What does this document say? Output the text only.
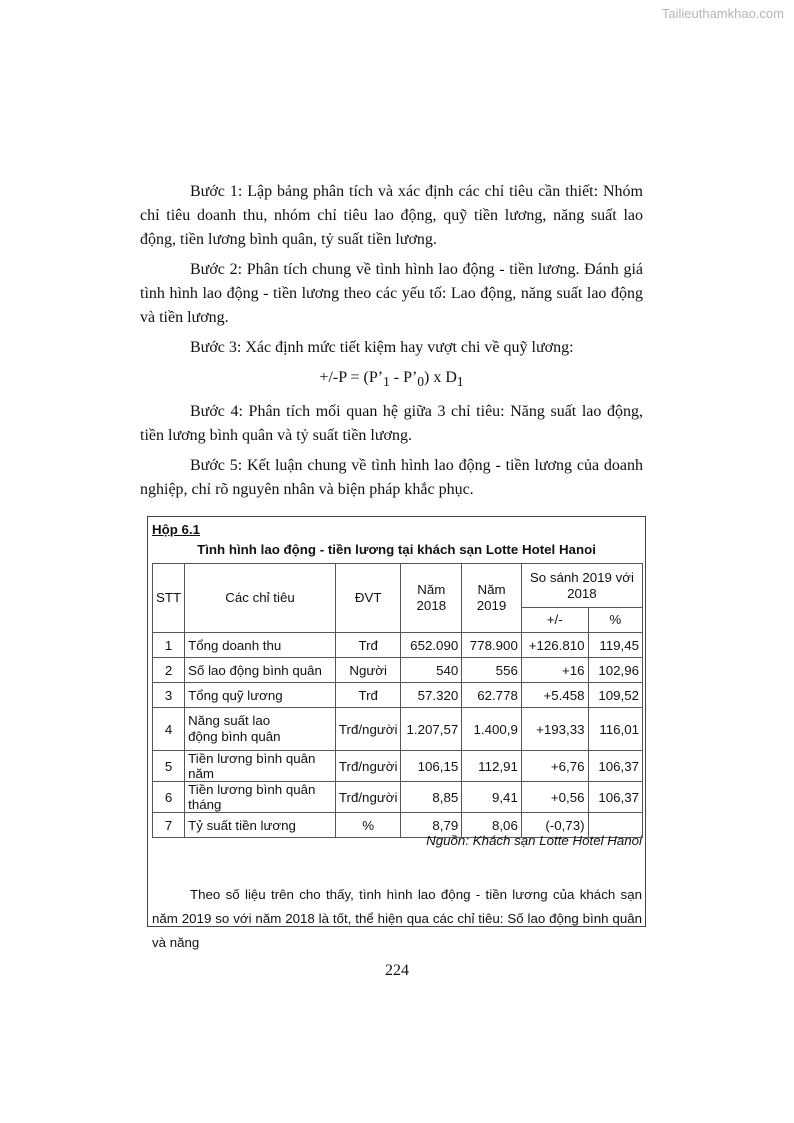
Tailieuthamkhao.com

Bước 1: Lập bảng phân tích và xác định các chỉ tiêu cần thiết: Nhóm chỉ tiêu doanh thu, nhóm chỉ tiêu lao động, quỹ tiền lương, năng suất lao động, tiền lương bình quân, tỷ suất tiền lương.

Bước 2: Phân tích chung về tình hình lao động - tiền lương. Đánh giá tình hình lao động - tiền lương theo các yếu tố: Lao động, năng suất lao động và tiền lương.

Bước 3: Xác định mức tiết kiệm hay vượt chi về quỹ lương:

$+/-P = (P’_1$ - $P’_0$) x $D_1$

Bước 4: Phân tích mối quan hệ giữa 3 chỉ tiêu: Năng suất lao động, tiền lương bình quân và tỷ suất tiền lương.

Bước 5: Kết luận chung về tình hình lao động - tiền lương của doanh nghiệp, chỉ rõ nguyên nhân và biện pháp khắc phục.

Hộp 6.1
Tình hình lao động - tiền lương tại khách sạn Lotte Hotel Hanoi
STT	Các chỉ tiêu	ĐVT	Năm 2018	Năm 2019	So sánh 2019 với 2018	
					+/-	%
1	Tổng doanh thu	Trđ	652.090	778.900	+126.810	119,45
2	Số lao động bình quân	Người	540	556	+16	102,96
3	Tổng quỹ lương	Trđ	57.320	62.778	+5.458	109,52
4	Năng suất lao động bình quân	Trđ/người	1.207,57	1.400,9	+193,33	116,01
5	Tiền lương bình quân năm	Trđ/người	106,15	112,91	+6,76	106,37
6	Tiền lương bình quân tháng	Trđ/người	8,85	9,41	+0,56	106,37
7	Tỷ suất tiền lương	%	8,79	8,06	(-0,73)	
Nguồn: Khách sạn Lotte Hotel Hanoi
Theo số liệu trên cho thấy, tình hình lao động - tiền lương của khách sạn năm 2019 so với năm 2018 là tốt, thể hiện qua các chỉ tiêu: Số lao động bình quân và năng
224
